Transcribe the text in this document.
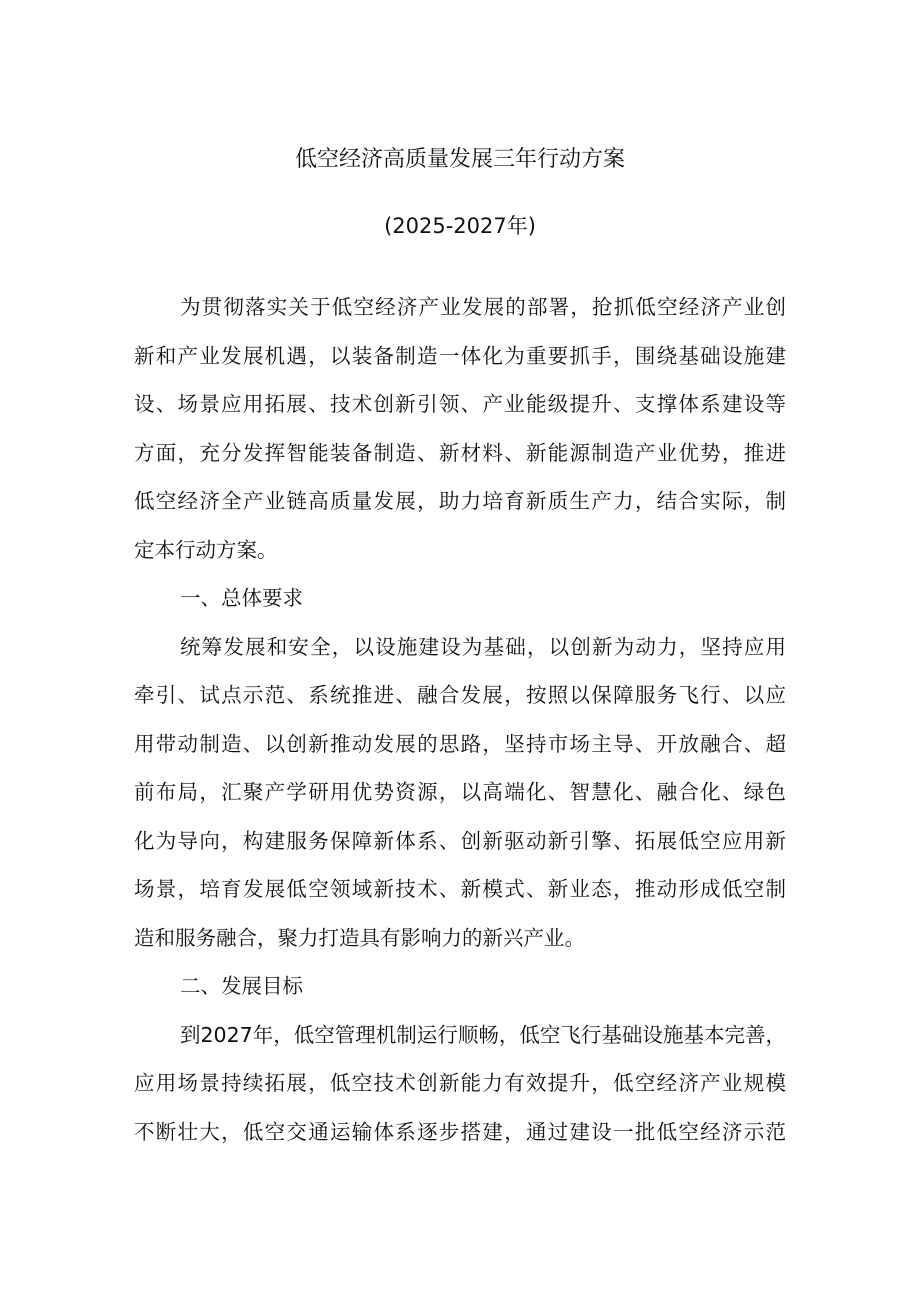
低空经济高质量发展三年行动方案
(2025-2027年)
为贯彻落实关于低空经济产业发展的部署，抢抓低空经济产业创
新和产业发展机遇，以装备制造一体化为重要抓手，围绕基础设施建
设、场景应用拓展、技术创新引领、产业能级提升、支撑体系建设等
方面，充分发挥智能装备制造、新材料、新能源制造产业优势，推进
低空经济全产业链高质量发展，助力培育新质生产力，结合实际，制
定本行动方案。
一、总体要求
统筹发展和安全，以设施建设为基础，以创新为动力，坚持应用
牵引、试点示范、系统推进、融合发展，按照以保障服务飞行、以应
用带动制造、以创新推动发展的思路，坚持市场主导、开放融合、超
前布局，汇聚产学研用优势资源，以高端化、智慧化、融合化、绿色
化为导向，构建服务保障新体系、创新驱动新引擎、拓展低空应用新
场景，培育发展低空领域新技术、新模式、新业态，推动形成低空制
造和服务融合，聚力打造具有影响力的新兴产业。
二、发展目标
到2027年，低空管理机制运行顺畅，低空飞行基础设施基本完善，
应用场景持续拓展，低空技术创新能力有效提升，低空经济产业规模
不断壮大，低空交通运输体系逐步搭建，通过建设一批低空经济示范
